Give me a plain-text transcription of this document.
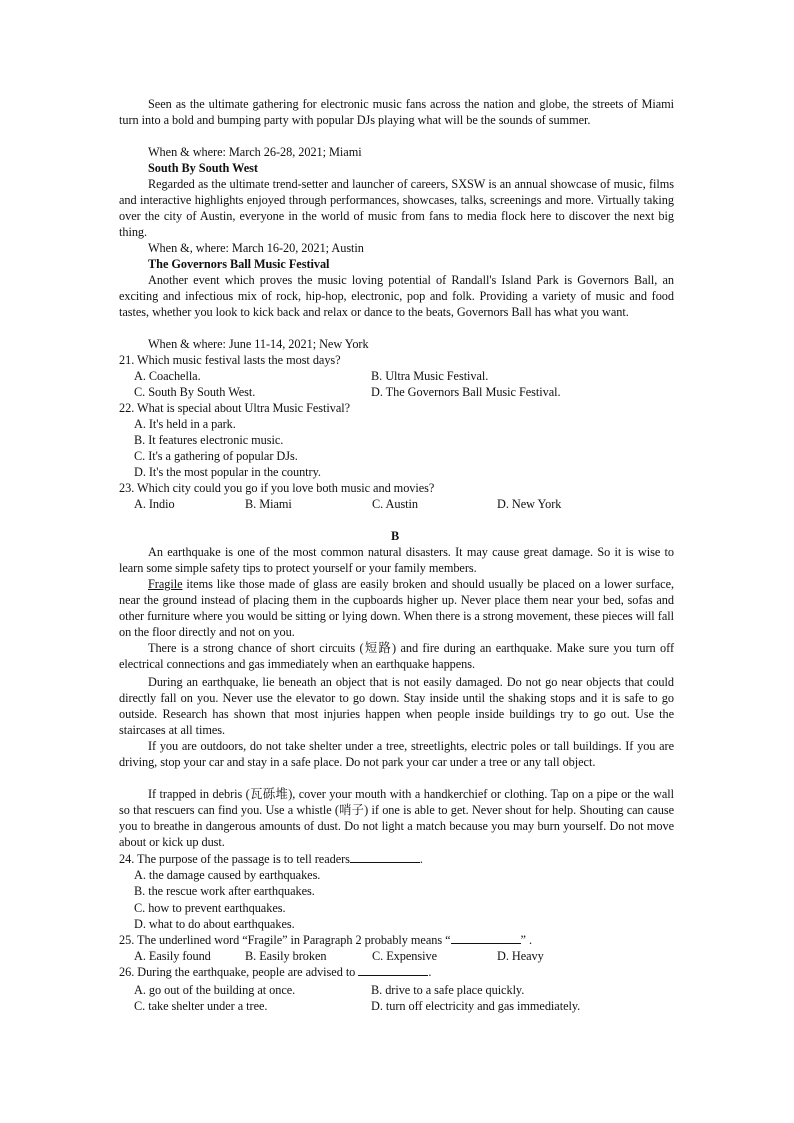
Seen as the ultimate gathering for electronic music fans across the nation and globe, the streets of Miami turn into a bold and bumping party with popular DJs playing what will be the sounds of summer.

When & where: March 26-28, 2021; Miami

South By South West

Regarded as the ultimate trend-setter and launcher of careers, SXSW is an annual showcase of music, films and interactive highlights enjoyed through performances, showcases, talks, screenings and more. Virtually taking over the city of Austin, everyone in the world of music from fans to media flock here to discover the next big thing.

When &, where: March 16-20, 2021; Austin

The Governors Ball Music Festival

Another event which proves the music loving potential of Randall's Island Park is Governors Ball, an exciting and infectious mix of rock, hip-hop, electronic, pop and folk. Providing a variety of music and food tastes, whether you look to kick back and relax or dance to the beats, Governors Ball has what you want.

When & where: June 11-14, 2021; New York

21. Which music festival lasts the most days?

A. Coachella.	B. Ultra Music Festival.

C. South By South West.	D. The Governors Ball Music Festival.

22. What is special about Ultra Music Festival?

A. It's held in a park.

B. It features electronic music.

C. It's a gathering of popular DJs.

D. It's the most popular in the country.

23. Which city could you go if you love both music and movies?

A. Indio	B. Miami	C. Austin	D. New York

B

An earthquake is one of the most common natural disasters. It may cause great damage. So it is wise to learn some simple safety tips to protect yourself or your family members.

Fragile items like those made of glass are easily broken and should usually be placed on a lower surface, near the ground instead of placing them in the cupboards higher up. Never place them near your bed, sofas and other furniture where you would be sitting or lying down. When there is a strong movement, these pieces will fall on the floor directly and not on you.

There is a strong chance of short circuits (短路) and fire during an earthquake. Make sure you turn off electrical connections and gas immediately when an earthquake happens.

During an earthquake, lie beneath an object that is not easily damaged. Do not go near objects that could directly fall on you. Never use the elevator to go down. Stay inside until the shaking stops and it is safe to go outside. Research has shown that most injuries happen when people inside buildings try to go out. Use the staircases at all times.

If you are outdoors, do not take shelter under a tree, streetlights, electric poles or tall buildings. If you are driving, stop your car and stay in a safe place. Do not park your car under a tree or any tall object.

If trapped in debris (瓦砾堆), cover your mouth with a handkerchief or clothing. Tap on a pipe or the wall so that rescuers can find you. Use a whistle (哨子) if one is able to get. Never shout for help. Shouting can cause you to breathe in dangerous amounts of dust. Do not light a match because you may burn yourself. Do not move about or kick up dust.

24. The purpose of the passage is to tell readers	.

A. the damage caused by earthquakes.

B. the rescue work after earthquakes.

C. how to prevent earthquakes.

D. what to do about earthquakes.

25. The underlined word “Fragile” in Paragraph 2 probably means “	” .

A. Easily found	B. Easily broken	C. Expensive	D. Heavy

26. During the earthquake, people are advised to	.

A. go out of the building at once.	B. drive to a safe place quickly.

C. take shelter under a tree.	D. turn off electricity and gas immediately.
